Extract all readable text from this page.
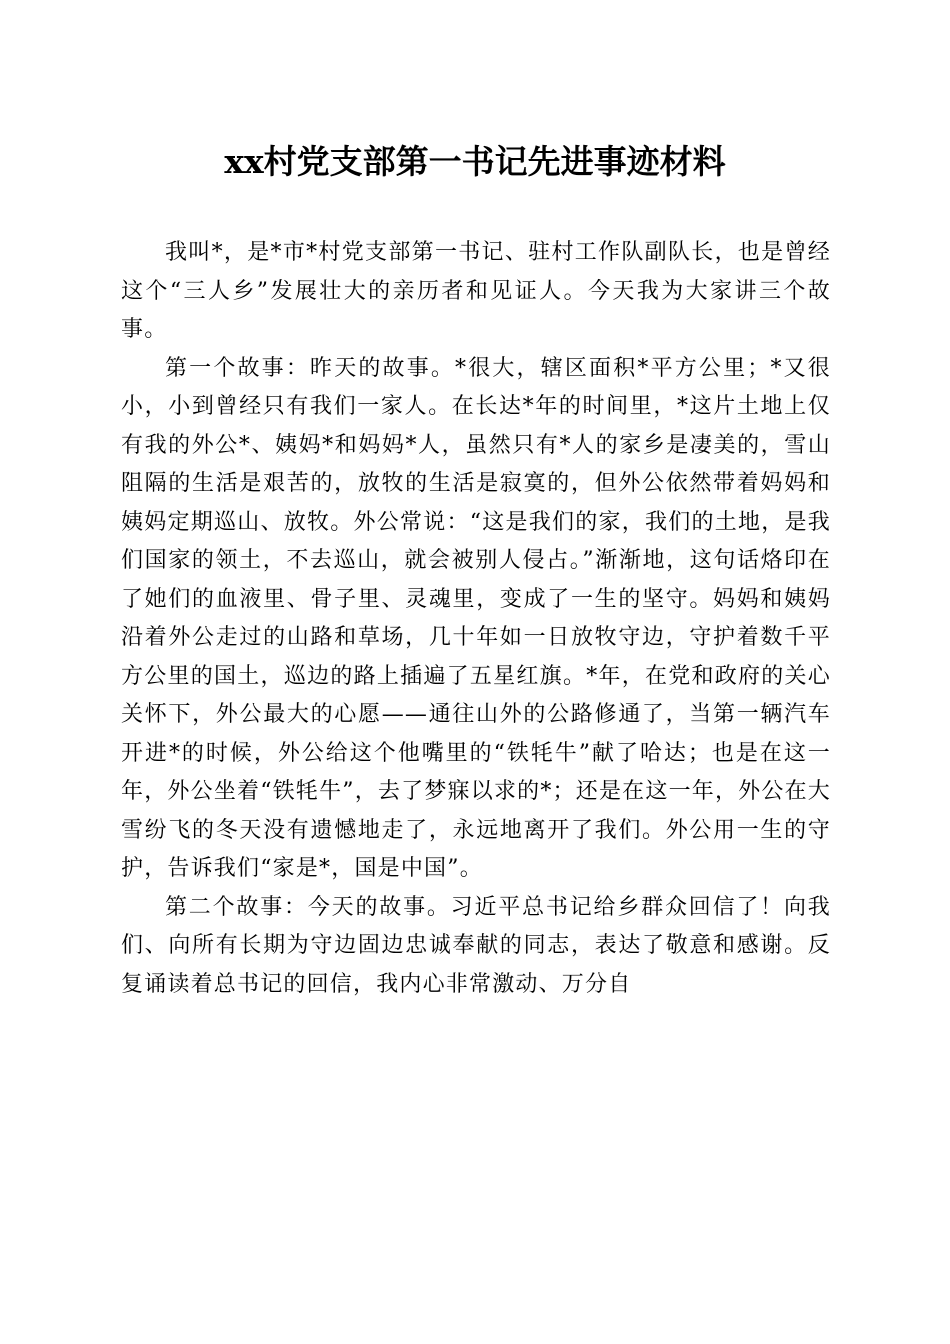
xx村党支部第一书记先进事迹材料

我叫*，是*市*村党支部第一书记、驻村工作队副队长，也是曾经这个“三人乡”发展壮大的亲历者和见证人。今天我为大家讲三个故事。

第一个故事：昨天的故事。*很大，辖区面积*平方公里；*又很小，小到曾经只有我们一家人。在长达*年的时间里，*这片土地上仅有我的外公*、姨妈*和妈妈*人，虽然只有*人的家乡是凄美的，雪山阻隔的生活是艰苦的，放牧的生活是寂寞的，但外公依然带着妈妈和姨妈定期巡山、放牧。外公常说：“这是我们的家，我们的土地，是我们国家的领土，不去巡山，就会被别人侵占。”渐渐地，这句话烙印在了她们的血液里、骨子里、灵魂里，变成了一生的坚守。妈妈和姨妈沿着外公走过的山路和草场，几十年如一日放牧守边，守护着数千平方公里的国土，巡边的路上插遍了五星红旗。*年，在党和政府的关心关怀下，外公最大的心愿——通往山外的公路修通了，当第一辆汽车开进*的时候，外公给这个他嘴里的“铁牦牛”献了哈达；也是在这一年，外公坐着“铁牦牛”，去了梦寐以求的*；还是在这一年，外公在大雪纷飞的冬天没有遗憾地走了，永远地离开了我们。外公用一生的守护，告诉我们“家是*，国是中国”。

第二个故事：今天的故事。习近平总书记给乡群众回信了！向我们、向所有长期为守边固边忠诚奉献的同志，表达了敬意和感谢。反复诵读着总书记的回信，我内心非常激动、万分自
